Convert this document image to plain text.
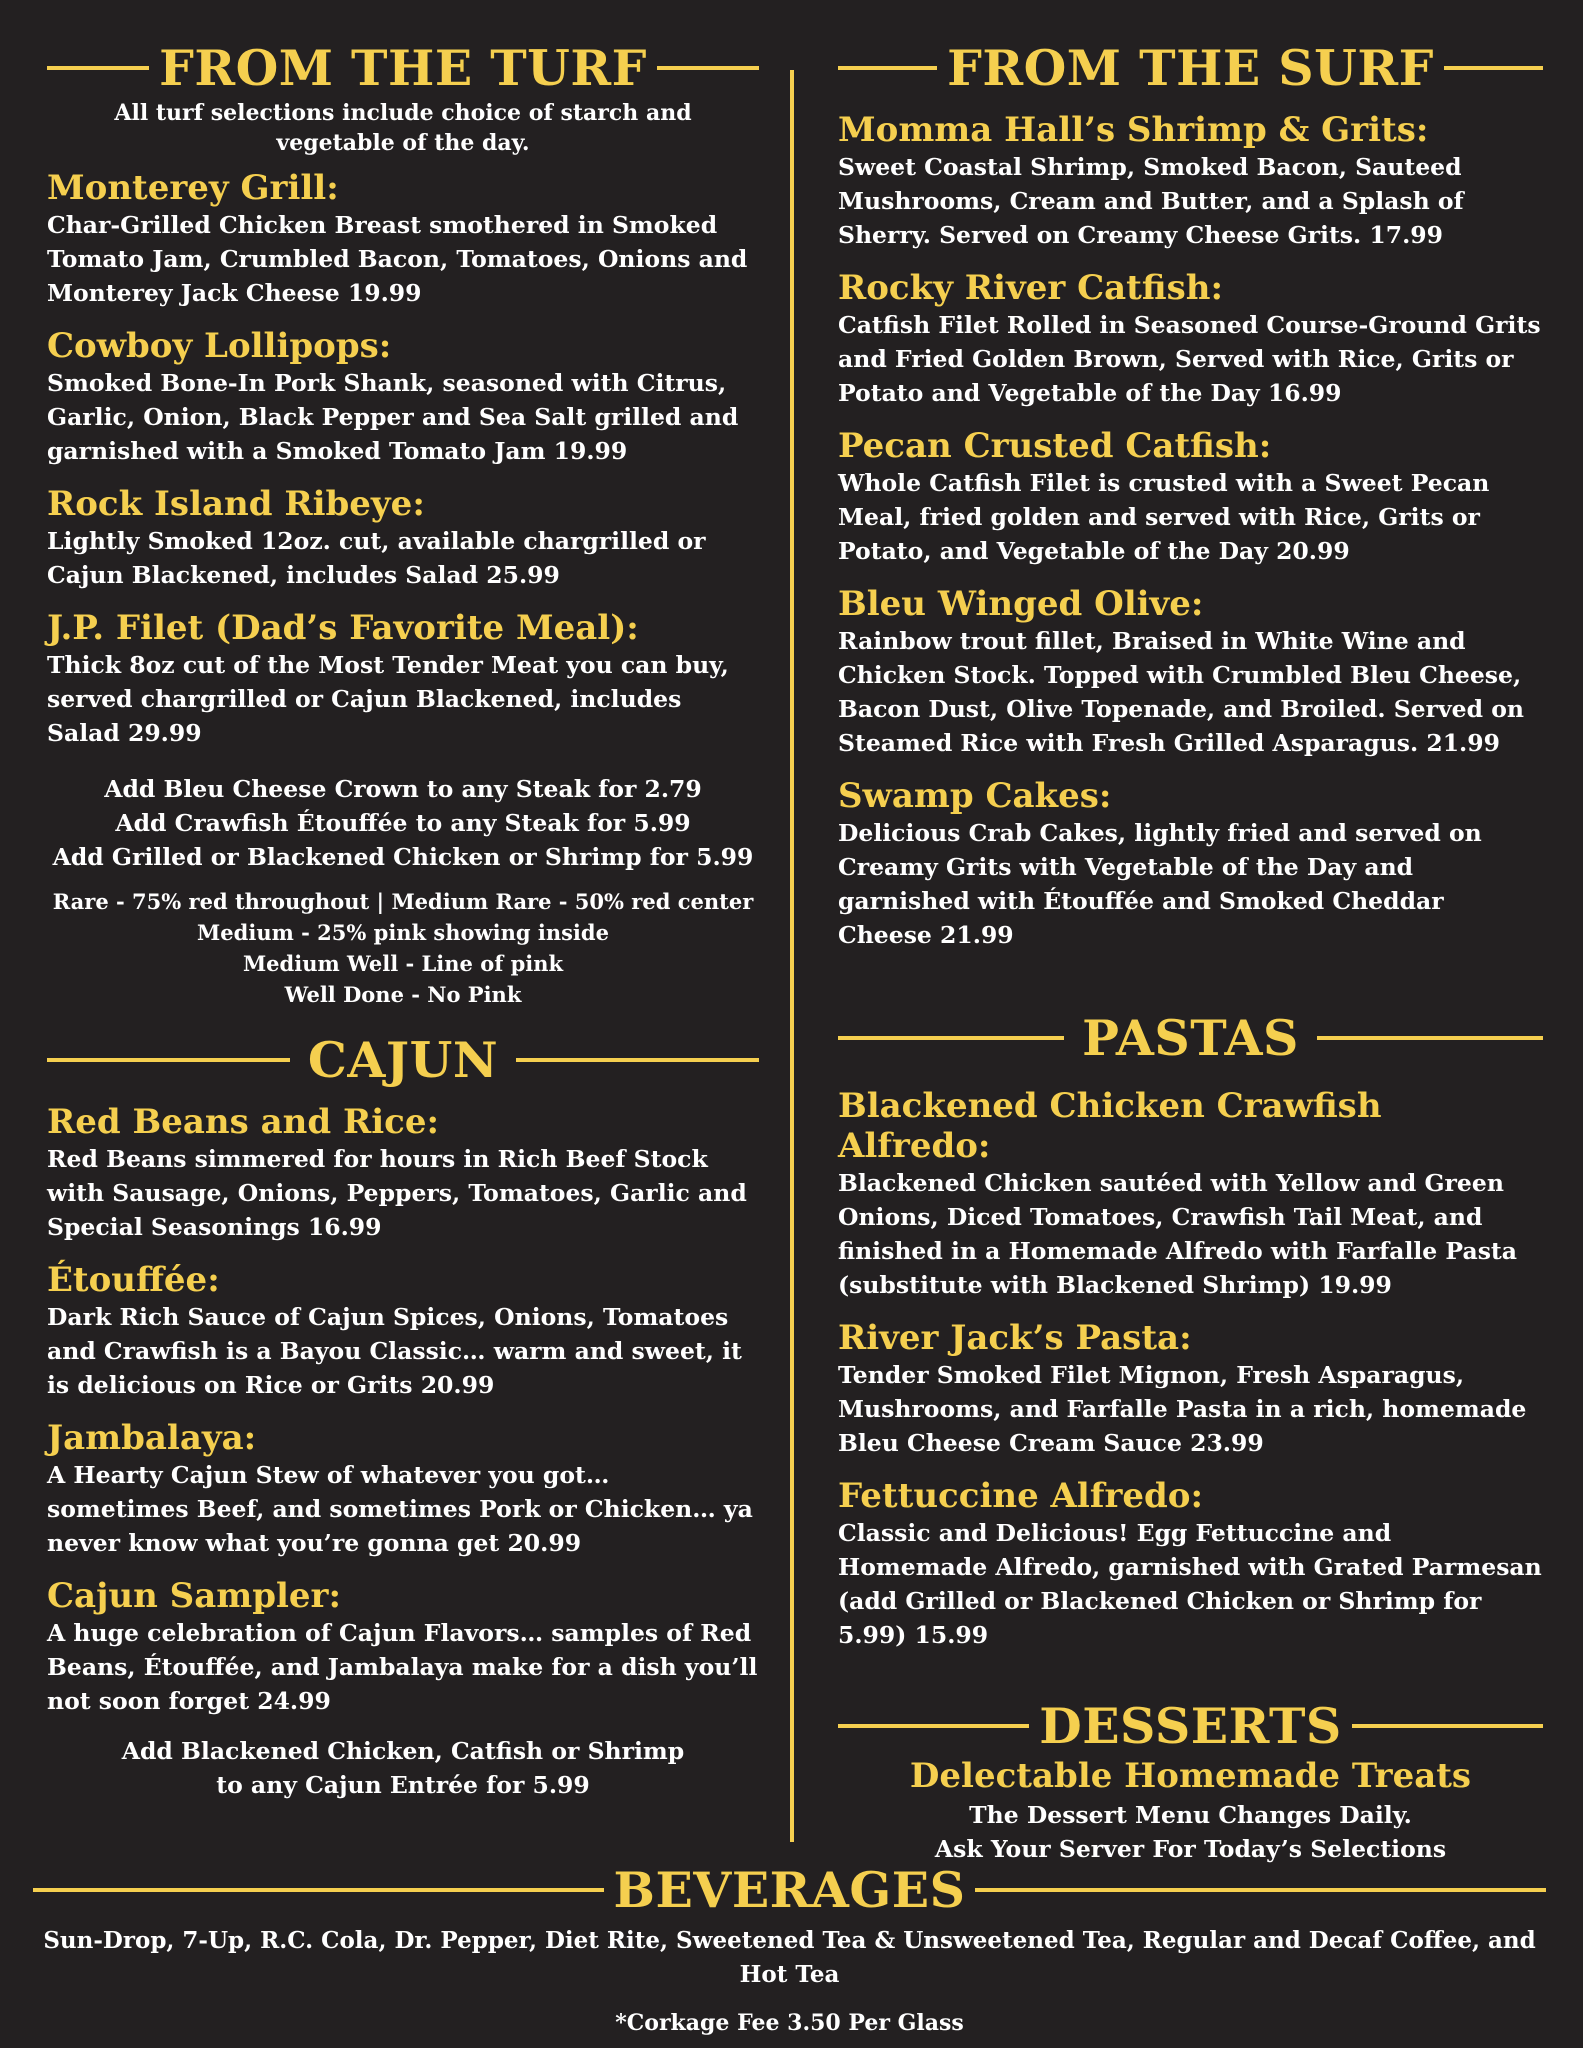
FROM THE TURF
All turf selections include choice of starch and vegetable of the day.
Monterey Grill:
Char-Grilled Chicken Breast smothered in Smoked Tomato Jam, Crumbled Bacon, Tomatoes, Onions and Monterey Jack Cheese 19.99
Cowboy Lollipops:
Smoked Bone-In Pork Shank, seasoned with Citrus, Garlic, Onion, Black Pepper and Sea Salt grilled and garnished with a Smoked Tomato Jam 19.99
Rock Island Ribeye:
Lightly Smoked 12oz. cut, available chargrilled or Cajun Blackened, includes Salad 25.99
J.P. Filet (Dad’s Favorite Meal):
Thick 8oz cut of the Most Tender Meat you can buy, served chargrilled or Cajun Blackened, includes Salad 29.99
Add Bleu Cheese Crown to any Steak for 2.79
Add Crawfish Étouffée to any Steak for 5.99
Add Grilled or Blackened Chicken or Shrimp for 5.99
Rare - 75% red throughout | Medium Rare - 50% red center
Medium - 25% pink showing inside
Medium Well - Line of pink
Well Done - No Pink
CAJUN
Red Beans and Rice:
Red Beans simmered for hours in Rich Beef Stock with Sausage, Onions, Peppers, Tomatoes, Garlic and Special Seasonings 16.99
Étouffée:
Dark Rich Sauce of Cajun Spices, Onions, Tomatoes and Crawfish is a Bayou Classic… warm and sweet, it is delicious on Rice or Grits 20.99
Jambalaya:
A Hearty Cajun Stew of whatever you got… sometimes Beef, and sometimes Pork or Chicken… ya never know what you’re gonna get 20.99
Cajun Sampler:
A huge celebration of Cajun Flavors… samples of Red Beans, Étouffée, and Jambalaya make for a dish you’ll not soon forget 24.99
Add Blackened Chicken, Catfish or Shrimp
to any Cajun Entrée for 5.99
FROM THE SURF
Momma Hall’s Shrimp & Grits:
Sweet Coastal Shrimp, Smoked Bacon, Sauteed Mushrooms, Cream and Butter, and a Splash of Sherry. Served on Creamy Cheese Grits. 17.99
Rocky River Catfish:
Catfish Filet Rolled in Seasoned Course-Ground Grits and Fried Golden Brown, Served with Rice, Grits or Potato and Vegetable of the Day 16.99
Pecan Crusted Catfish:
Whole Catfish Filet is crusted with a Sweet Pecan Meal, fried golden and served with Rice, Grits or Potato, and Vegetable of the Day 20.99
Bleu Winged Olive:
Rainbow trout fillet, Braised in White Wine and Chicken Stock. Topped with Crumbled Bleu Cheese, Bacon Dust, Olive Topenade, and Broiled. Served on Steamed Rice with Fresh Grilled Asparagus. 21.99
Swamp Cakes:
Delicious Crab Cakes, lightly fried and served on Creamy Grits with Vegetable of the Day and garnished with Étouffée and Smoked Cheddar Cheese 21.99
PASTAS
Blackened Chicken Crawfish Alfredo:
Blackened Chicken sautéed with Yellow and Green Onions, Diced Tomatoes, Crawfish Tail Meat, and finished in a Homemade Alfredo with Farfalle Pasta (substitute with Blackened Shrimp) 19.99
River Jack’s Pasta:
Tender Smoked Filet Mignon, Fresh Asparagus, Mushrooms, and Farfalle Pasta in a rich, homemade Bleu Cheese Cream Sauce 23.99
Fettuccine Alfredo:
Classic and Delicious! Egg Fettuccine and Homemade Alfredo, garnished with Grated Parmesan (add Grilled or Blackened Chicken or Shrimp for 5.99) 15.99
DESSERTS
Delectable Homemade Treats
The Dessert Menu Changes Daily.
Ask Your Server For Today’s Selections
BEVERAGES
Sun-Drop, 7-Up, R.C. Cola, Dr. Pepper, Diet Rite, Sweetened Tea & Unsweetened Tea, Regular and Decaf Coffee, and Hot Tea
*Corkage Fee 3.50 Per Glass
